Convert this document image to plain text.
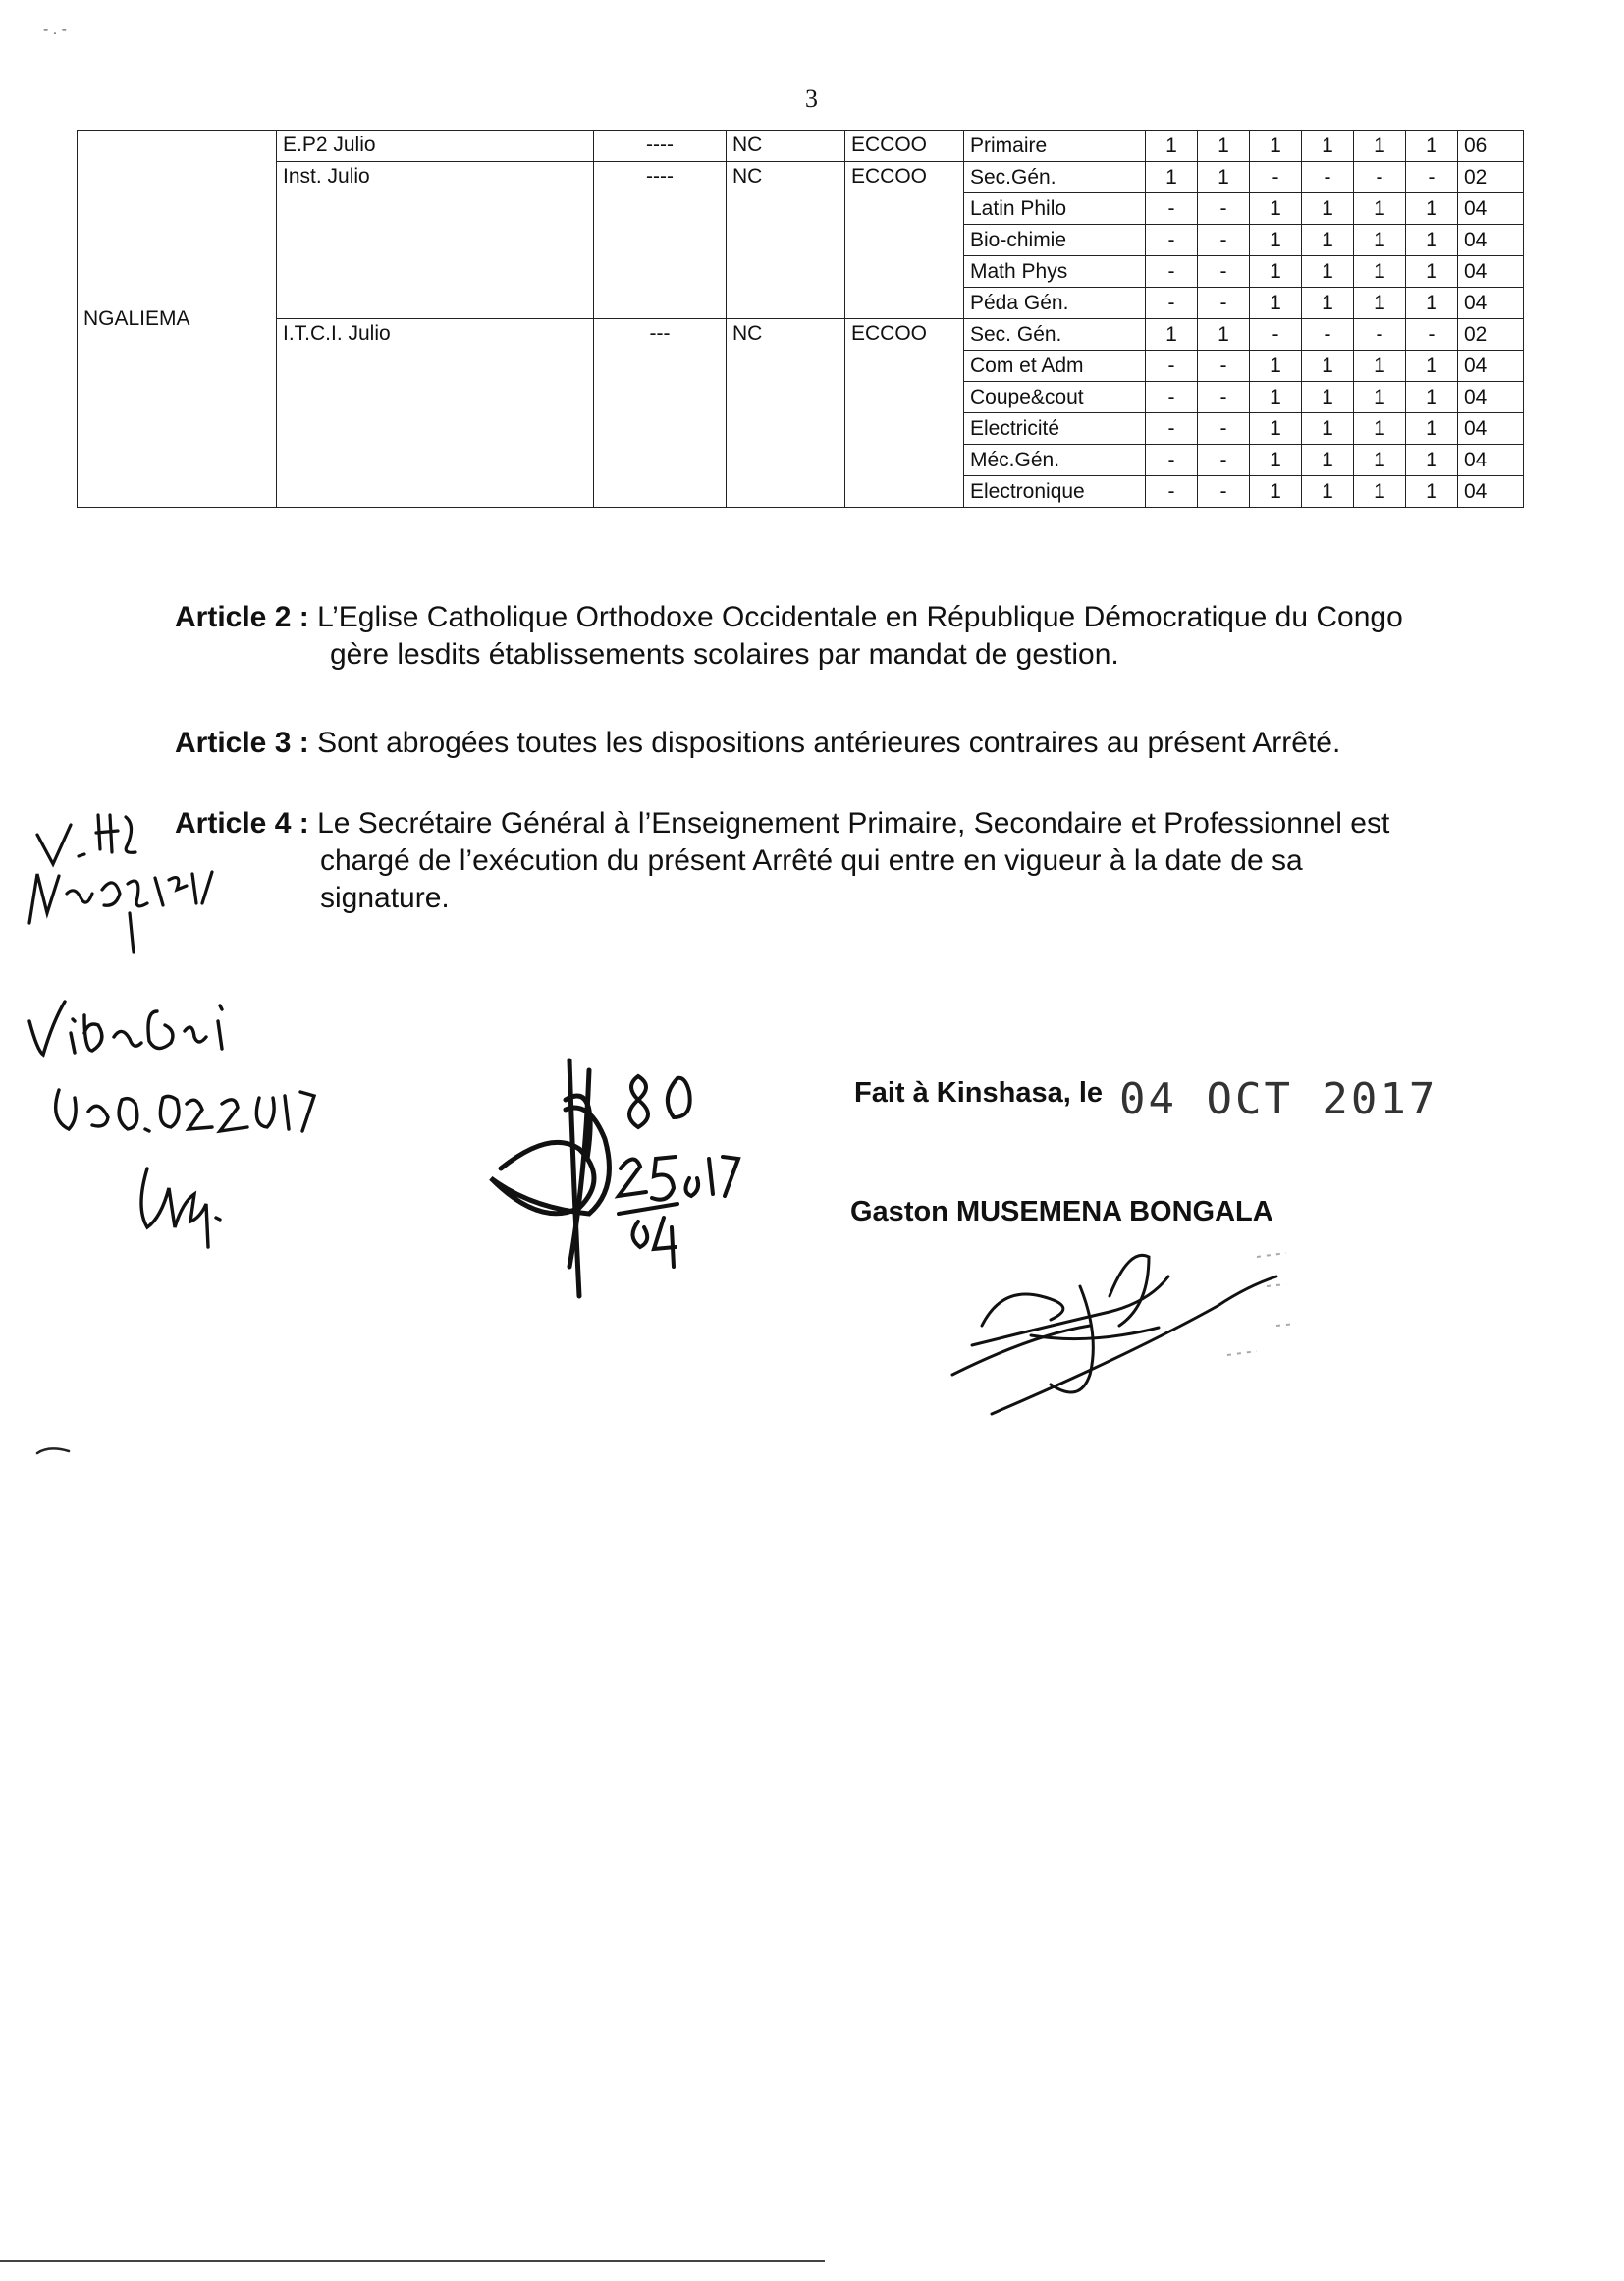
- . -
3
NGALIEMA	E.P2 Julio	----	NC	ECCOO	Primaire	1	1	1	1	1	1	06
	Inst. Julio	----	NC	ECCOO	Sec.Gén.	1	1	-	-	-	-	02
					Latin Philo	-	-	1	1	1	1	04
					Bio-chimie	-	-	1	1	1	1	04
					Math Phys	-	-	1	1	1	1	04
					Péda Gén.	-	-	1	1	1	1	04
	I.T.C.I. Julio	---	NC	ECCOO	Sec. Gén.	1	1	-	-	-	-	02
					Com et Adm	-	-	1	1	1	1	04
					Coupe&cout	-	-	1	1	1	1	04
					Electricité	-	-	1	1	1	1	04
					Méc.Gén.	-	-	1	1	1	1	04
					Electronique	-	-	1	1	1	1	04
Article 2 : L’Eglise Catholique Orthodoxe Occidentale en République Démocratique du Congo
gère lesdits établissements scolaires par mandat de gestion.
Article 3 : Sont abrogées toutes les dispositions antérieures contraires au présent Arrêté.
Article 4 : Le Secrétaire Général à l’Enseignement Primaire, Secondaire et Professionnel est
chargé de l’exécution du présent Arrêté qui entre en vigueur à la date de sa
signature.
Fait à Kinshasa, le 04 OCT 2017
Gaston MUSEMENA BONGALA
